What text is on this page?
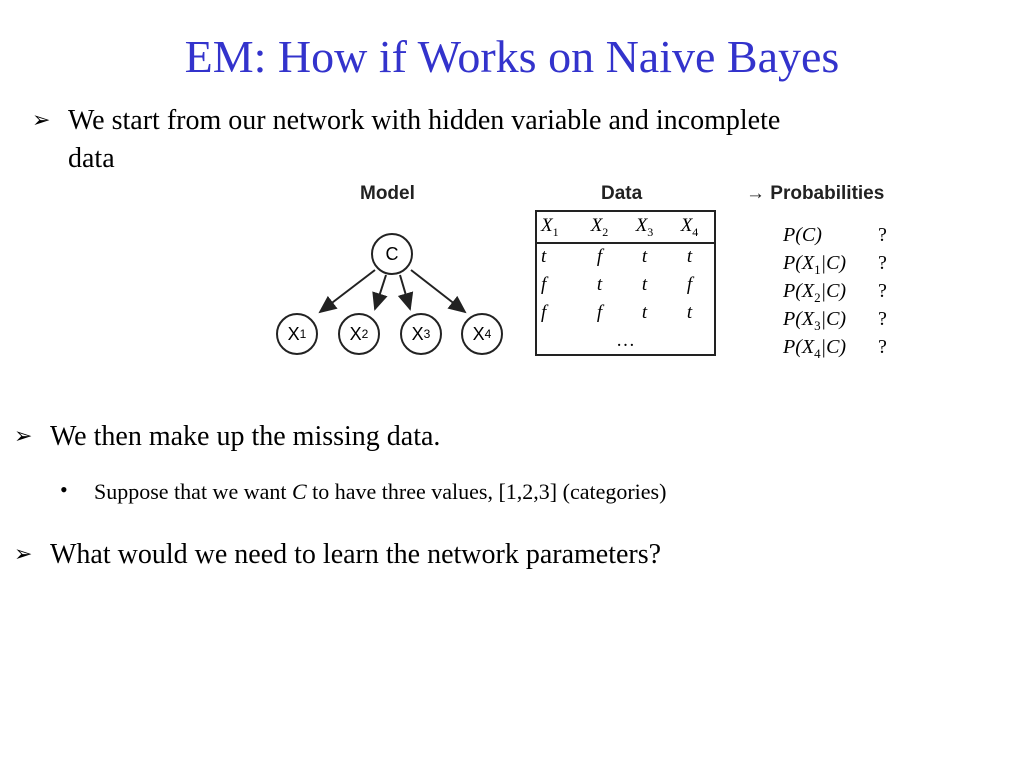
EM: How if Works on Naive Bayes
➢ We start from our network with hidden variable and incomplete data
Model	Data	→ Probabilities
C
X 1 X 2 X 3 X 4
$X_1$	$X_2$	$X_3$	$X_4$
t	f	t	t
f	t	t	f
f	f	t	t
…
P(C)	?
$P(X_1|C)$ ?
$P(X_2|C)$ ?
$P(X_3|C)$ ?
$P(X_4|C)$ ?
➢ We then make up the missing data.
•	Suppose that we want C to have three values, [1,2,3] (categories)
➢ What would we need to learn the network parameters?
